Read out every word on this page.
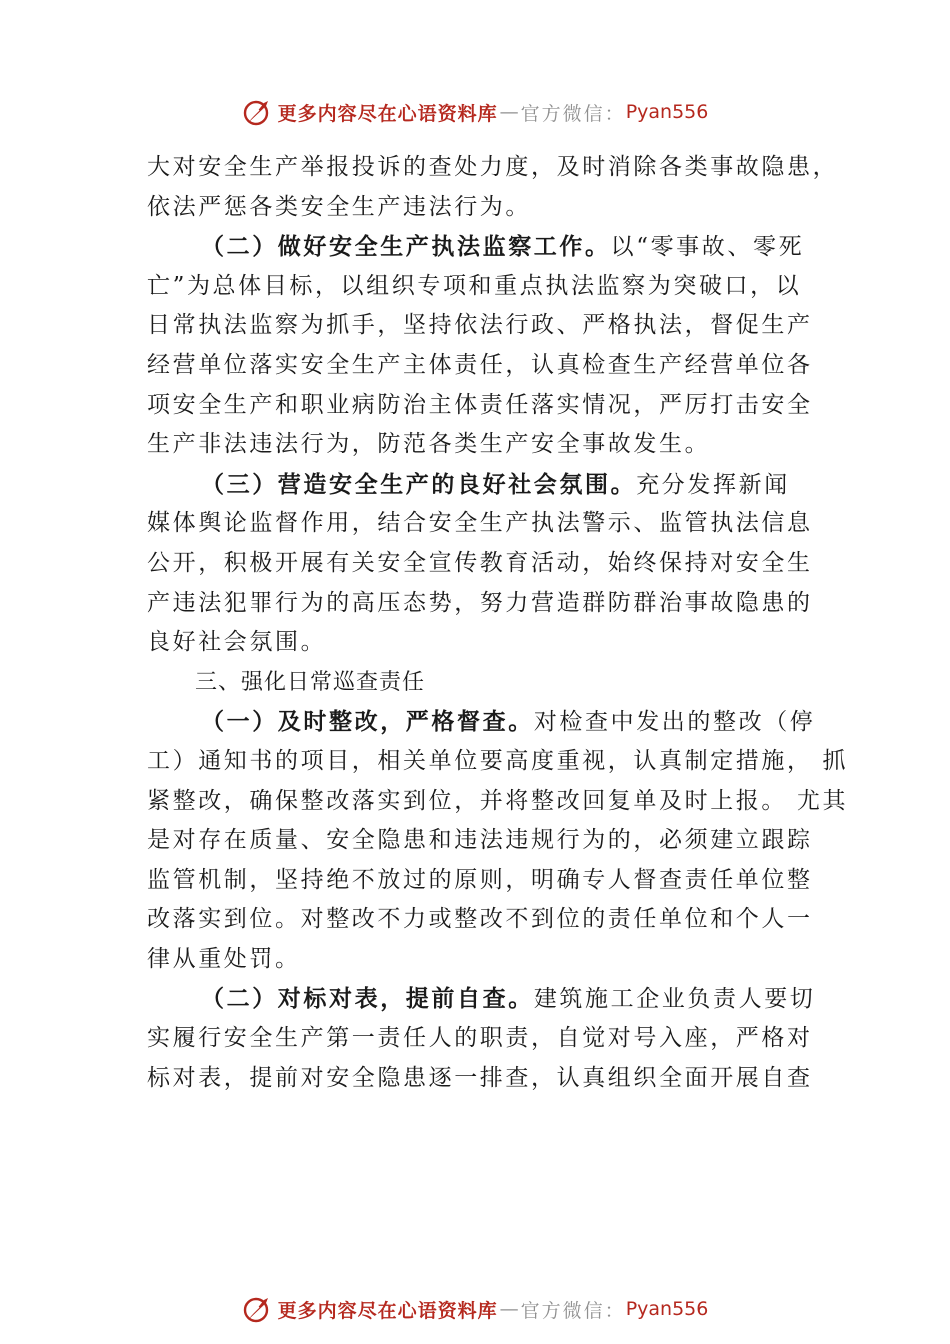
更多内容尽在心语资料库 — 官方微信： Pyan556
大对安全生产举报投诉的查处力度，及时消除各类事故隐患，
依法严惩各类安全生产违法行为。
（二）做好安全生产执法监察工作。以“零事故、零死
亡”为总体目标，以组织专项和重点执法监察为突破口，以
日常执法监察为抓手，坚持依法行政、严格执法，督促生产
经营单位落实安全生产主体责任，认真检查生产经营单位各
项安全生产和职业病防治主体责任落实情况，严厉打击安全
生产非法违法行为，防范各类生产安全事故发生。
（三）营造安全生产的良好社会氛围。充分发挥新闻
媒体舆论监督作用，结合安全生产执法警示、监管执法信息
公开，积极开展有关安全宣传教育活动，始终保持对安全生
产违法犯罪行为的高压态势，努力营造群防群治事故隐患的
良好社会氛围。
三、强化日常巡查责任
（一）及时整改，严格督查。对检查中发出的整改（停
工）通知书的项目，相关单位要高度重视，认真制定措施， 抓
紧整改，确保整改落实到位，并将整改回复单及时上报。 尤其
是对存在质量、安全隐患和违法违规行为的，必须建立跟踪
监管机制，坚持绝不放过的原则，明确专人督查责任单位整
改落实到位。对整改不力或整改不到位的责任单位和个人一
律从重处罚。
（二）对标对表，提前自查。建筑施工企业负责人要切
实履行安全生产第一责任人的职责，自觉对号入座，严格对
标对表，提前对安全隐患逐一排查，认真组织全面开展自查
更多内容尽在心语资料库 — 官方微信： Pyan556
